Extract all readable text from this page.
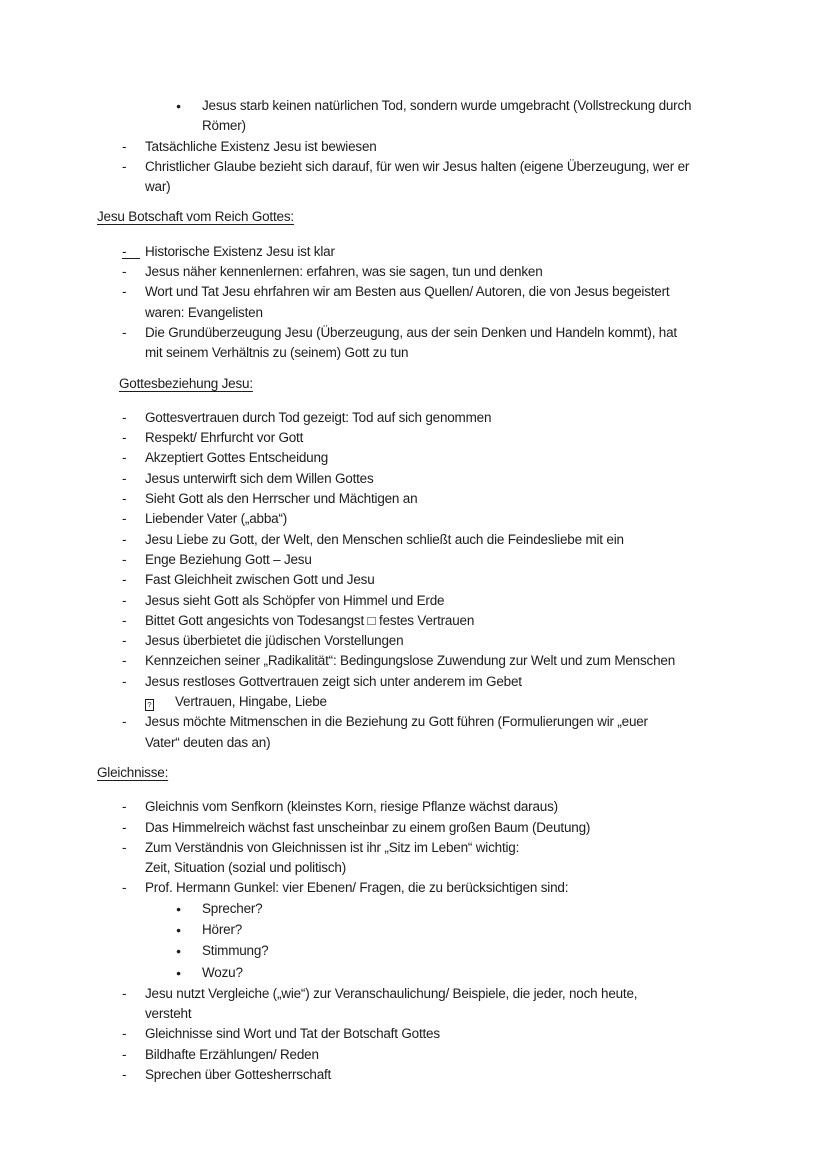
●	Jesus starb keinen natürlichen Tod, sondern wurde umgebracht (Vollstreckung durch
Römer)
-	Tatsächliche Existenz Jesu ist bewiesen
-	Christlicher Glaube bezieht sich darauf, für wen wir Jesus halten (eigene Überzeugung, wer er
war)
Jesu Botschaft vom Reich Gottes:
-	Historische Existenz Jesu ist klar
-	Jesus näher kennenlernen: erfahren, was sie sagen, tun und denken
-	Wort und Tat Jesu ehrfahren wir am Besten aus Quellen/ Autoren, die von Jesus begeistert
waren: Evangelisten
-	Die Grundüberzeugung Jesu (Überzeugung, aus der sein Denken und Handeln kommt), hat
mit seinem Verhältnis zu (seinem) Gott zu tun
Gottesbeziehung Jesu:
-	Gottesvertrauen durch Tod gezeigt: Tod auf sich genommen
-	Respekt/ Ehrfurcht vor Gott
-	Akzeptiert Gottes Entscheidung
-	Jesus unterwirft sich dem Willen Gottes
-	Sieht Gott als den Herrscher und Mächtigen an
-	Liebender Vater („abba“)
-	Jesu Liebe zu Gott, der Welt, den Menschen schließt auch die Feindesliebe mit ein
-	Enge Beziehung Gott – Jesu
-	Fast Gleichheit zwischen Gott und Jesu
-	Jesus sieht Gott als Schöpfer von Himmel und Erde
-	Bittet Gott angesichts von Todesangst □ festes Vertrauen
-	Jesus überbietet die jüdischen Vorstellungen
-	Kennzeichen seiner „Radikalität“: Bedingungslose Zuwendung zur Welt und zum Menschen
-	Jesus restloses Gottvertrauen zeigt sich unter anderem im Gebet
?	Vertrauen, Hingabe, Liebe
-	Jesus möchte Mitmenschen in die Beziehung zu Gott führen (Formulierungen wir „euer
Vater“ deuten das an)
Gleichnisse:
-	Gleichnis vom Senfkorn (kleinstes Korn, riesige Pflanze wächst daraus)
-	Das Himmelreich wächst fast unscheinbar zu einem großen Baum (Deutung)
-	Zum Verständnis von Gleichnissen ist ihr „Sitz im Leben“ wichtig:
Zeit, Situation (sozial und politisch)
-	Prof. Hermann Gunkel: vier Ebenen/ Fragen, die zu berücksichtigen sind:
●	Sprecher?
●	Hörer?
●	Stimmung?
●	Wozu?
-	Jesu nutzt Vergleiche („wie“) zur Veranschaulichung/ Beispiele, die jeder, noch heute,
versteht
-	Gleichnisse sind Wort und Tat der Botschaft Gottes
-	Bildhafte Erzählungen/ Reden
-	Sprechen über Gottesherrschaft
